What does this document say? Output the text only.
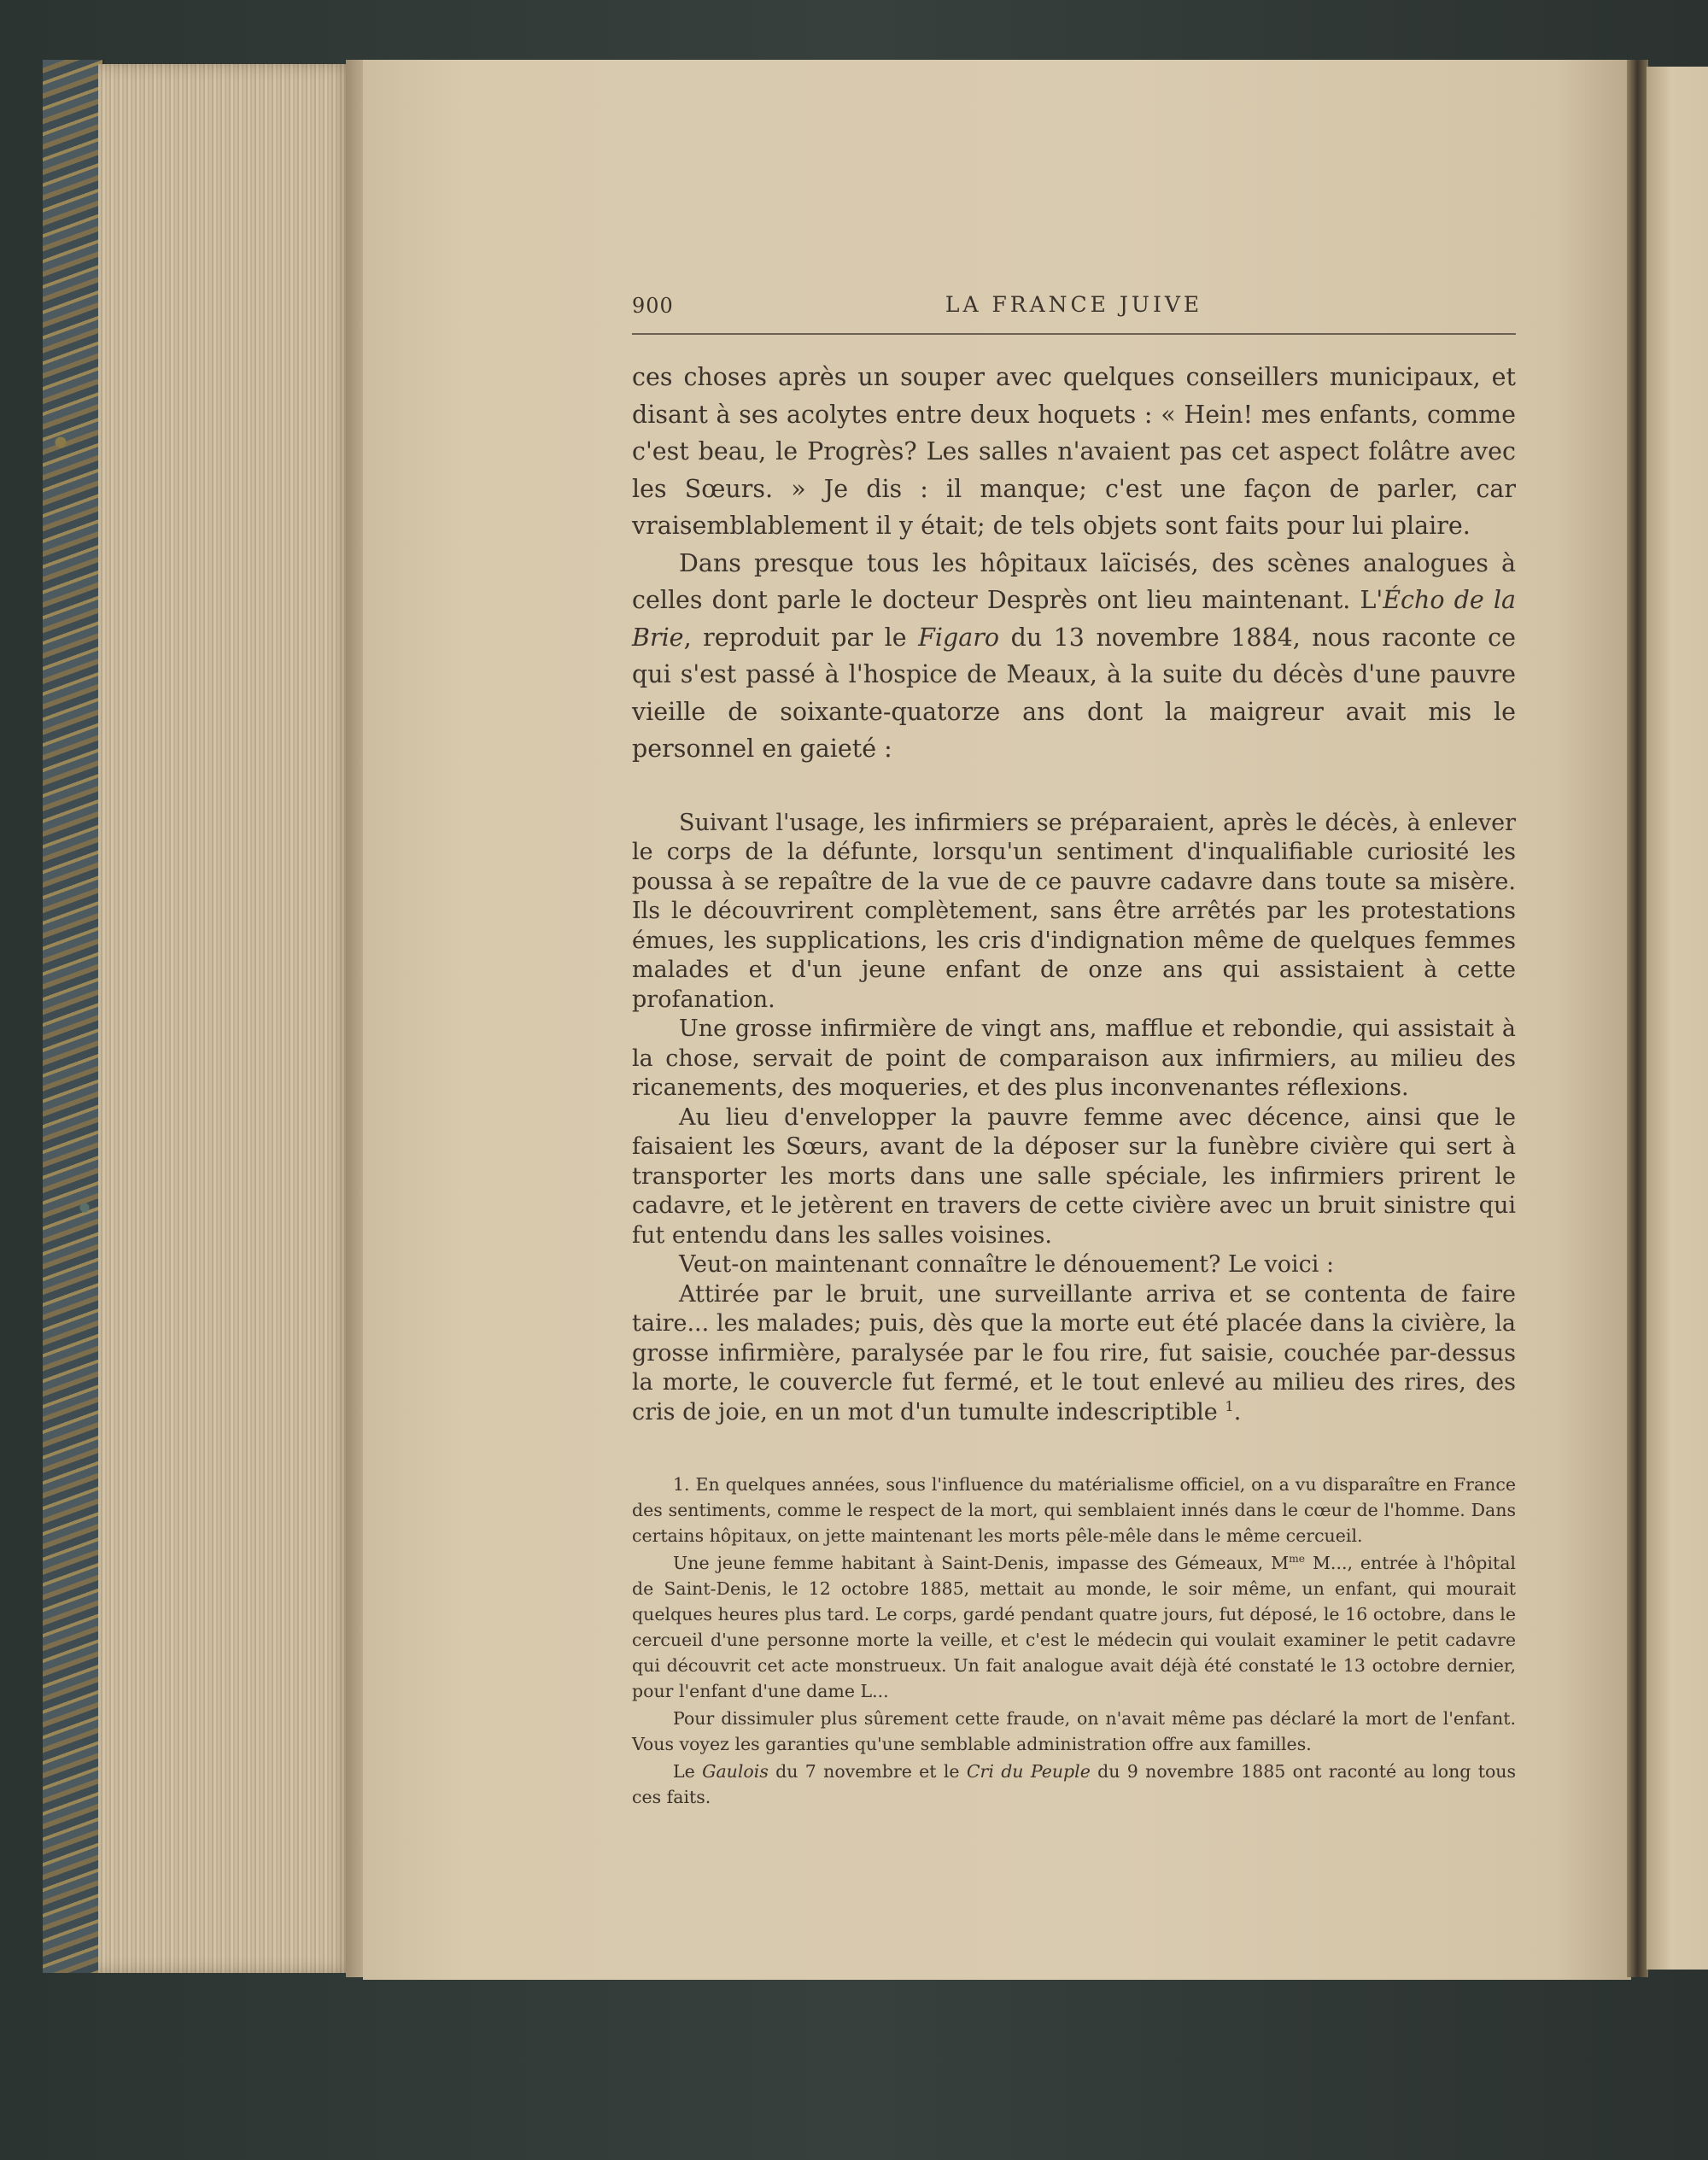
900	LA FRANCE JUIVE

ces choses après un souper avec quelques conseillers municipaux, et disant à ses acolytes entre deux hoquets : « Hein! mes enfants, comme c'est beau, le Progrès? Les salles n'avaient pas cet aspect folâtre avec les Sœurs. » Je dis : il manque; c'est une façon de parler, car vraisemblablement il y était; de tels objets sont faits pour lui plaire.

Dans presque tous les hôpitaux laïcisés, des scènes analogues à celles dont parle le docteur Desprès ont lieu maintenant. L'Écho de la Brie, reproduit par le Figaro du 13 novembre 1884, nous raconte ce qui s'est passé à l'hospice de Meaux, à la suite du décès d'une pauvre vieille de soixante-quatorze ans dont la maigreur avait mis le personnel en gaieté :

Suivant l'usage, les infirmiers se préparaient, après le décès, à enlever le corps de la défunte, lorsqu'un sentiment d'inqualifiable curiosité les poussa à se repaître de la vue de ce pauvre cadavre dans toute sa misère. Ils le découvrirent complètement, sans être arrêtés par les protestations émues, les supplications, les cris d'indignation même de quelques femmes malades et d'un jeune enfant de onze ans qui assistaient à cette profanation.

Une grosse infirmière de vingt ans, mafflue et rebondie, qui assistait à la chose, servait de point de comparaison aux infirmiers, au milieu des ricanements, des moqueries, et des plus inconvenantes réflexions.

Au lieu d'envelopper la pauvre femme avec décence, ainsi que le faisaient les Sœurs, avant de la déposer sur la funèbre civière qui sert à transporter les morts dans une salle spéciale, les infirmiers prirent le cadavre, et le jetèrent en travers de cette civière avec un bruit sinistre qui fut entendu dans les salles voisines.

Veut-on maintenant connaître le dénouement? Le voici :

Attirée par le bruit, une surveillante arriva et se contenta de faire taire... les malades; puis, dès que la morte eut été placée dans la civière, la grosse infirmière, paralysée par le fou rire, fut saisie, couchée par-dessus la morte, le couvercle fut fermé, et le tout enlevé au milieu des rires, des cris de joie, en un mot d'un tumulte indescriptible $^1$.

1. En quelques années, sous l'influence du matérialisme officiel, on a vu disparaître en France des sentiments, comme le respect de la mort, qui semblaient innés dans le cœur de l'homme. Dans certains hôpitaux, on jette maintenant les morts pêle-mêle dans le même cercueil.

Une jeune femme habitant à Saint-Denis, impasse des Gémeaux, $M^{me}$ M..., entrée à l'hôpital de Saint-Denis, le 12 octobre 1885, mettait au monde, le soir même, un enfant, qui mourait quelques heures plus tard. Le corps, gardé pendant quatre jours, fut déposé, le 16 octobre, dans le cercueil d'une personne morte la veille, et c'est le médecin qui voulait examiner le petit cadavre qui découvrit cet acte monstrueux. Un fait analogue avait déjà été constaté le 13 octobre dernier, pour l'enfant d'une dame L...

Pour dissimuler plus sûrement cette fraude, on n'avait même pas déclaré la mort de l'enfant. Vous voyez les garanties qu'une semblable administration offre aux familles.

Le Gaulois du 7 novembre et le Cri du Peuple du 9 novembre 1885 ont raconté au long tous ces faits.
